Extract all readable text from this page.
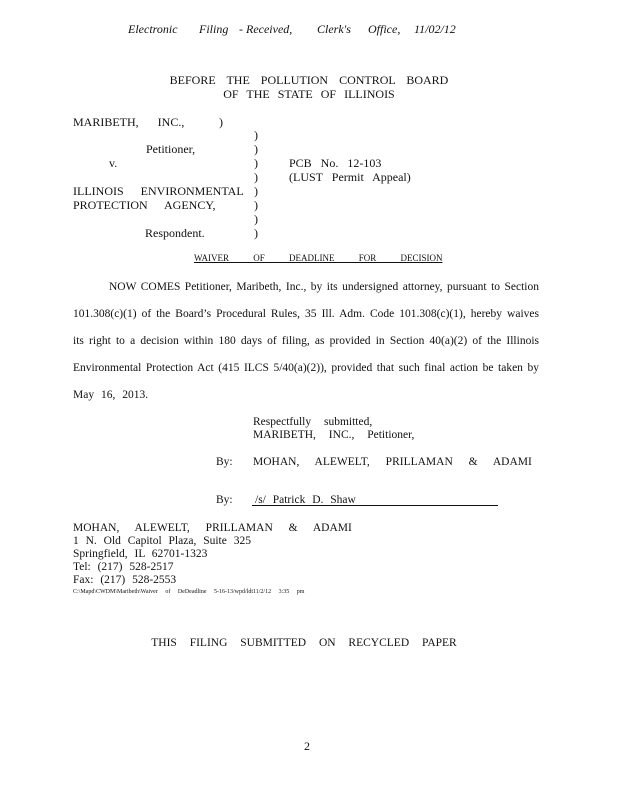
Electronic Filing - Received, Clerk's Office, 11/02/12
BEFORE THE POLLUTION CONTROL BOARD
OF THE STATE OF ILLINOIS
MARIBETH, INC.,	)
)
Petitioner,	)
v.	)	PCB No. 12-103
)	(LUST Permit Appeal)
ILLINOIS ENVIRONMENTAL )
PROTECTION AGENCY,	)
)
Respondent.	)
WAIVER OF DEADLINE FOR DECISION
NOW COMES Petitioner, Maribeth, Inc., by its undersigned attorney, pursuant to Section
101.308(c)(1) of the Board’s Procedural Rules, 35 Ill. Adm. Code 101.308(c)(1), hereby waives
its right to a decision within 180 days of filing, as provided in Section 40(a)(2) of the Illinois
Environmental Protection Act (415 ILCS 5/40(a)(2)), provided that such final action be taken by
May 16, 2013.
Respectfully submitted,
MARIBETH, INC., Petitioner,
By: MOHAN, ALEWELT, PRILLAMAN & ADAMI
By: /s/ Patrick D. Shaw
MOHAN, ALEWELT, PRILLAMAN & ADAMI
1 N. Old Capitol Plaza, Suite 325
Springfield, IL 62701-1323
Tel: (217) 528-2517
Fax: (217) 528-2553
C:\Mapd\CWDM\Maribeth\Waiver of DeDeadline 5-16-13/wpd/ldt11/2/12 3:35 pm
THIS FILING SUBMITTED ON RECYCLED PAPER
2
